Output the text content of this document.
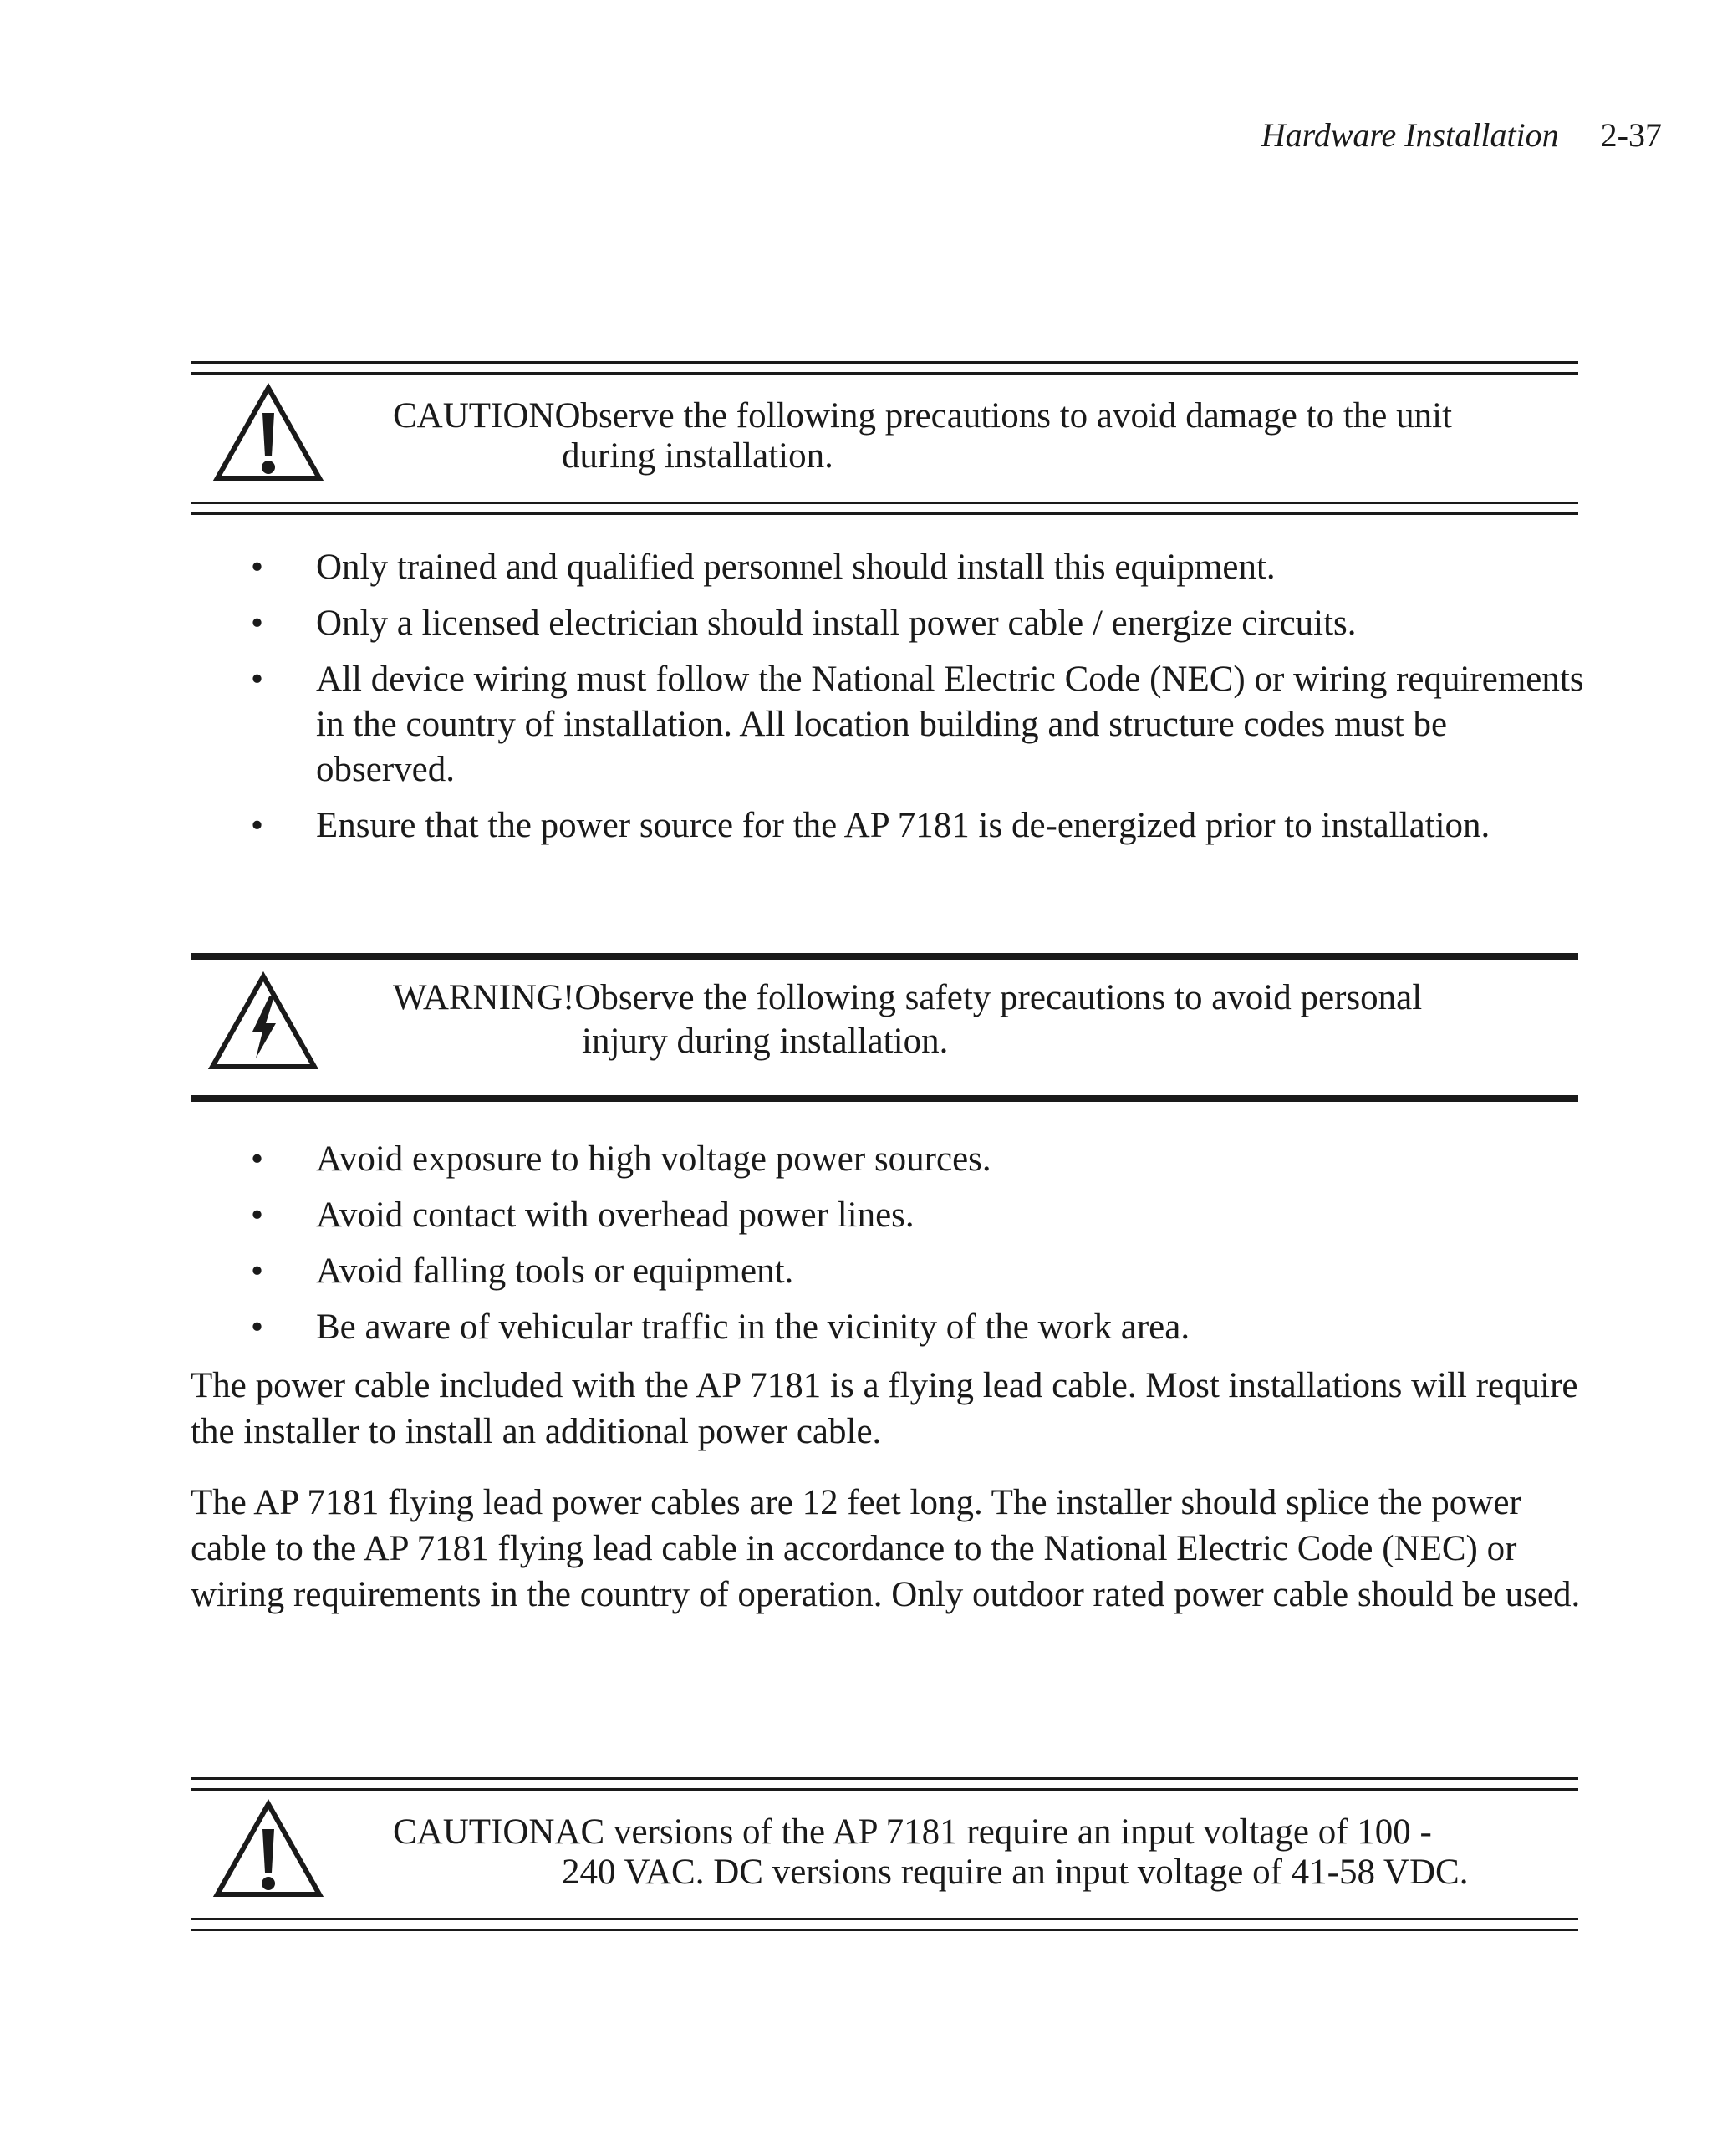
Hardware Installation 2-37
CAUTIONObserve the following precautions to avoid damage to the unit
during installation.
• Only trained and qualified personnel should install this equipment.
• Only a licensed electrician should install power cable / energize circuits.
• All device wiring must follow the National Electric Code (NEC) or wiring requirements in the country of installation. All location building and structure codes must be observed.
• Ensure that the power source for the AP 7181 is de-energized prior to installation.
WARNING!Observe the following safety precautions to avoid personal
injury during installation.
• Avoid exposure to high voltage power sources.
• Avoid contact with overhead power lines.
• Avoid falling tools or equipment.
• Be aware of vehicular traffic in the vicinity of the work area.

The power cable included with the AP 7181 is a flying lead cable. Most installations will require the installer to install an additional power cable.

The AP 7181 flying lead power cables are 12 feet long. The installer should splice the power cable to the AP 7181 flying lead cable in accordance to the National Electric Code (NEC) or wiring requirements in the country of operation. Only outdoor rated power cable should be used.

CAUTIONAC versions of the AP 7181 require an input voltage of 100 -
240 VAC. DC versions require an input voltage of 41-58 VDC.
